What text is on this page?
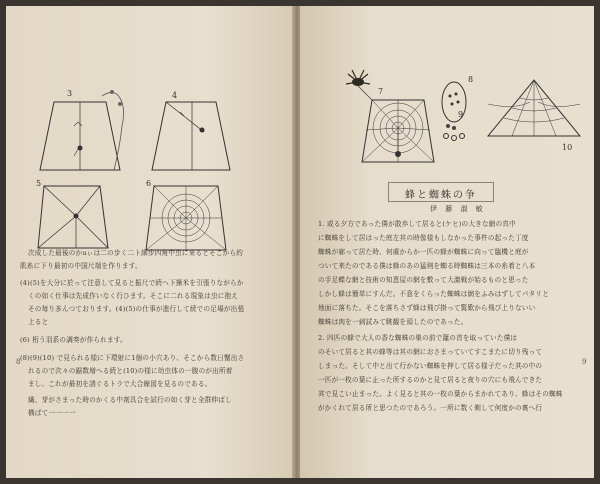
3	4
5	6
次成した最後のかuぃは二の步く二ト細步四角中虫に来るとそこから約
肌糸に下り最初の中国尺端を作ります。
(4)(5)を大分に於って注意して見ると振尺で続へ下操米を引張りながらか
くの如く仕事は先成作いなく行ひます。そこに二れる現象は虫に抱え
その毎り多んつております。(4)(5)の仕事が進行して続での足場が出張
上ると
(6) 桁う羽系の調奏が作られます。
(8)(9)(10) で見られる様に下環射に1個の小穴あり、そこから数日蟹出さ
れるので次々の鋸数増へる続と(10)の様に幼虫体の一腹のが出所着
まし、これが最初を誘ぐるトラで大合線図を見るのである。
繊、芽がさまった時のかくる中剤具合を試行の如く芽と全群伸ばし
構ばて一一一一
8
7
8
9
10
蜂と蜘蛛の争
伊 藤 淑 敏
1. 或る夕方であった僕が散歩して居ると(ケヒ)の大きな網の真中
に蜘蛛をして居はった庭左其の時像様もしなかった事件の起った丁度
蜘蛛が廊って居た時、何處からか一匹の蜂が蜘蛛に向って臨機と庭が
ついて来たのである僕は蜂のあの猛剣を蜘る時蜘蛛は三本の糸着と八本
の手足蝶な網と技術の知恵屋の網を敷って大激戦が始るものと思った
しかし蜂は簡単にすんだ。不意をくらった蜘蛛は網をふみはずしてパタリと
地面に落ちた。そこを落ちさず蜂は飛び掛って驚歎から飛び上りないい
蜘蛛は肉を一刺試みて眺観を頭したのであった。
2. 四匹の蜂で大人の香な蜘蛛の巣の前で籠の首を取っていた僕は
のそいて居ると其の蜂等は其の網におさまっていてすこまたに切り残って
しまった。そして中と出て行かない蜘蛛を押して居る様子だった其の中の
一匹が一枚の葉に止った所するのかと見て居ると夜りの穴にも飛んできた
其で見こい止まった。よく見ると其の一枚の葉からまかれてあり、蜂はその蜘蛛
がかくれて居る所と思つたのであろう。一所に数く剃して何度かの裏へ行
9
